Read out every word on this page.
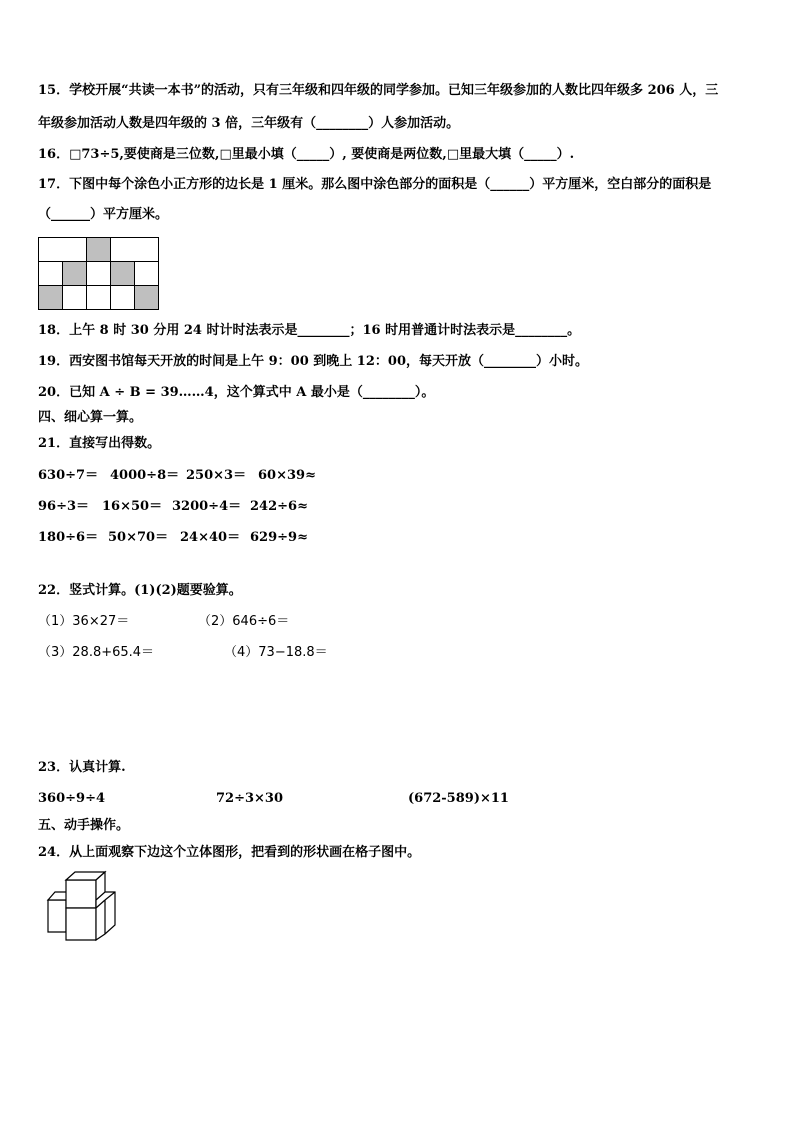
15．学校开展“共读一本书”的活动，只有三年级和四年级的同学参加。已知三年级参加的人数比四年级多 206 人，三
年级参加活动人数是四年级的 3 倍，三年级有（________）人参加活动。
16．□73÷5,要使商是三位数,□里最小填（_____）, 要使商是两位数,□里最大填（_____）.
17．下图中每个涂色小正方形的边长是 1 厘米。那么图中涂色部分的面积是（______）平方厘米，空白部分的面积是
（______）平方厘米。
18．上午 8 时 30 分用 24 时计时法表示是________；16 时用普通计时法表示是________。
19．西安图书馆每天开放的时间是上午 9：00 到晚上 12：00，每天开放（________）小时。
20．已知 A ÷ B = 39……4，这个算式中 A 最小是（________）。
四、细心算一算。
21．直接写出得数。
630÷7＝ 4000÷8＝ 250×3＝ 60×39≈
96÷3＝ 16×50＝ 3200÷4＝ 242÷6≈
180÷6＝ 50×70＝ 24×40＝ 629÷9≈
22．竖式计算。(1)(2)题要验算。
（1）36×27＝	（2）646÷6＝
（3）28.8+65.4＝	（4）73−18.8＝
23．认真计算.
360÷9÷4	72÷3×30	(672-589)×11
五、动手操作。
24．从上面观察下边这个立体图形，把看到的形状画在格子图中。
